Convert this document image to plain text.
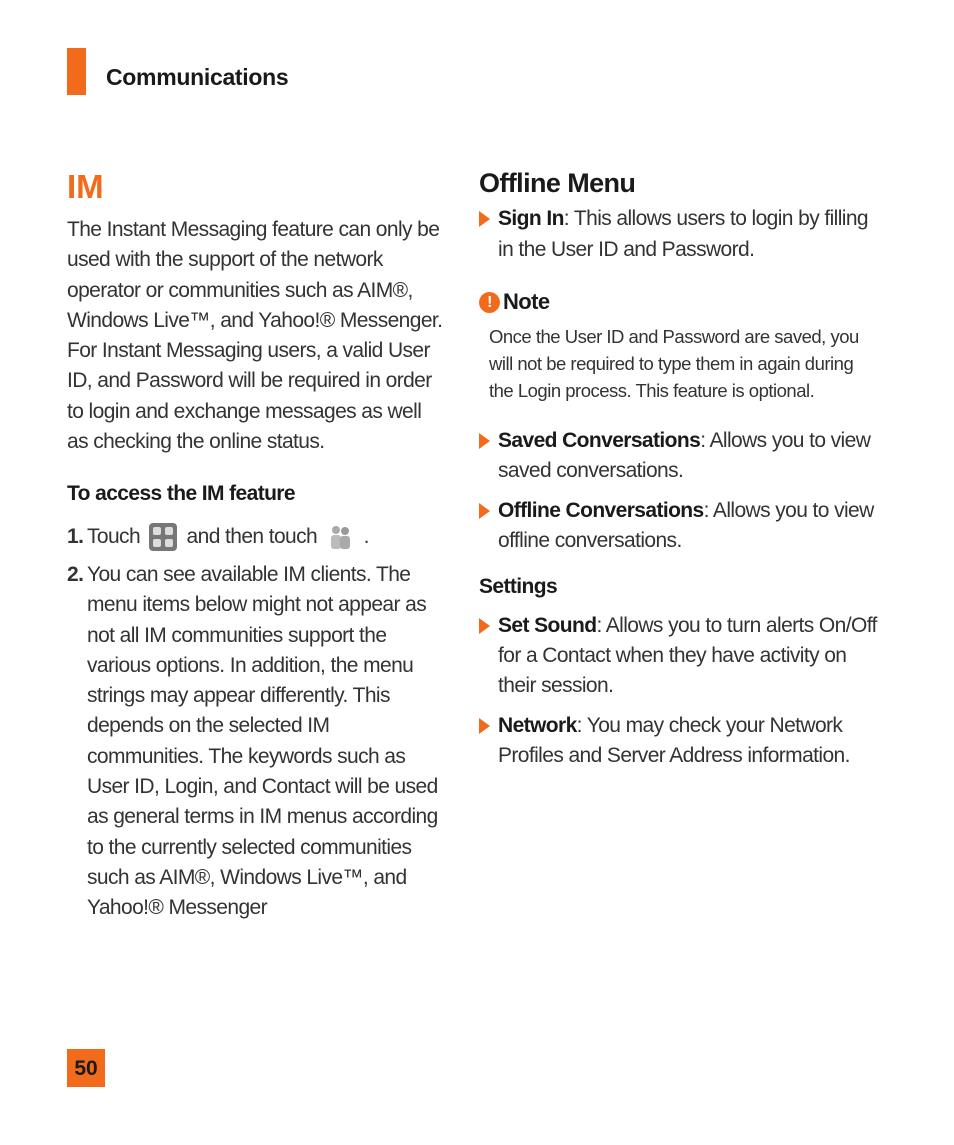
Communications
IM

The Instant Messaging feature can only be used with the support of the network operator or communities such as AIM®, Windows Live™, and Yahoo!® Messenger. For Instant Messaging users, a valid User ID, and Password will be required in order to login and exchange messages as well as checking the online status.

To access the IM feature

1. Touch and then touch .
2. You can see available IM clients. The menu items below might not appear as not all IM communities support the various options. In addition, the menu strings may appear differently. This depends on the selected IM communities. The keywords such as User ID, Login, and Contact will be used as general terms in IM menus according to the currently selected communities such as AIM®, Windows Live™, and Yahoo!® Messenger
Offline Menu
Sign In: This allows users to login by filling in the User ID and Password.
! Note

Once the User ID and Password are saved, you will not be required to type them in again during the Login process. This feature is optional.

Saved Conversations: Allows you to view saved conversations.
Offline Conversations: Allows you to view offline conversations.

Settings

Set Sound: Allows you to turn alerts On/Off for a Contact when they have activity on their session.
Network: You may check your Network Profiles and Server Address information.
50
